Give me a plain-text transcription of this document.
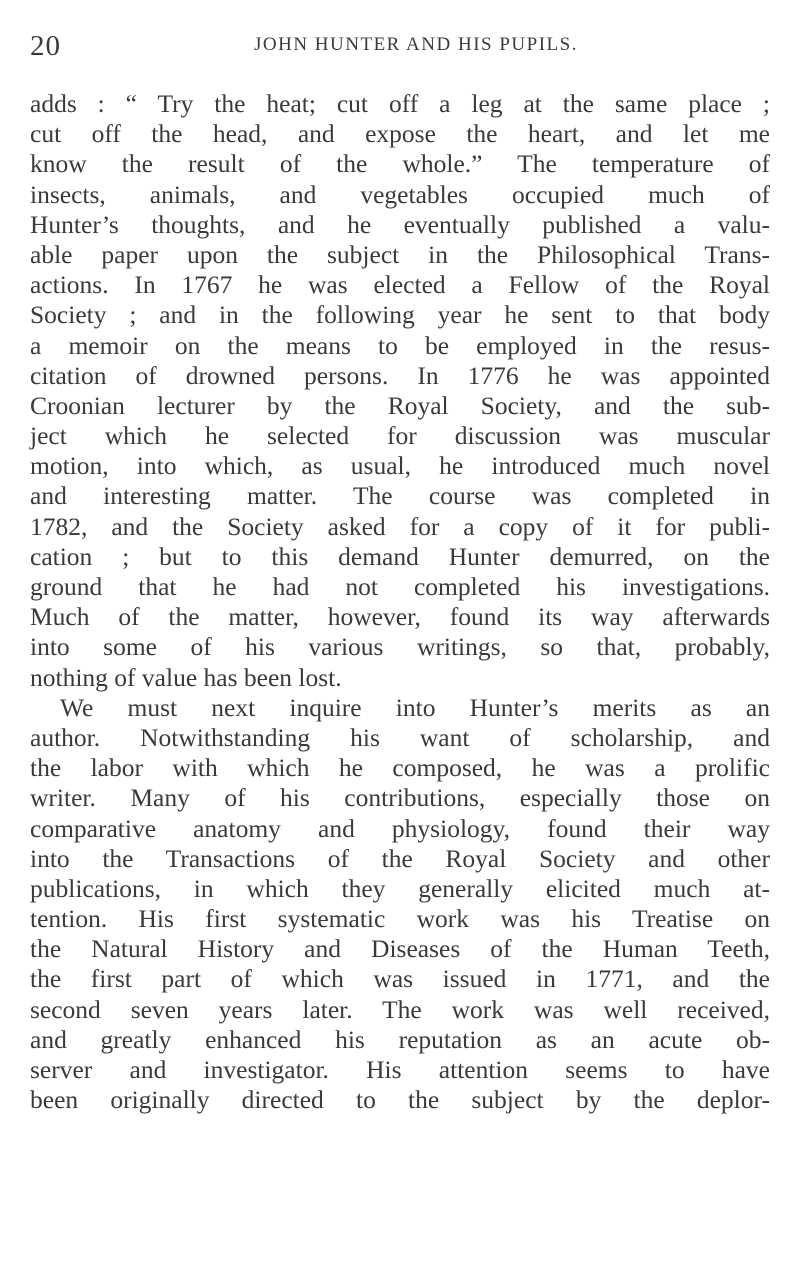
20	JOHN HUNTER AND HIS PUPILS.
adds : “ Try the heat; cut off a leg at the same place ;
cut off the head, and expose the heart, and let me
know the result of the whole.” The temperature of
insects, animals, and vegetables occupied much of
Hunter’s thoughts, and he eventually published a valu-
able paper upon the subject in the Philosophical Trans-
actions. In 1767 he was elected a Fellow of the Royal
Society ; and in the following year he sent to that body
a memoir on the means to be employed in the resus-
citation of drowned persons. In 1776 he was appointed
Croonian lecturer by the Royal Society, and the sub-
ject which he selected for discussion was muscular
motion, into which, as usual, he introduced much novel
and interesting matter. The course was completed in
1782, and the Society asked for a copy of it for publi-
cation ; but to this demand Hunter demurred, on the
ground that he had not completed his investigations.
Much of the matter, however, found its way afterwards
into some of his various writings, so that, probably,
nothing of value has been lost.
We must next inquire into Hunter’s merits as an
author. Notwithstanding his want of scholarship, and
the labor with which he composed, he was a prolific
writer. Many of his contributions, especially those on
comparative anatomy and physiology, found their way
into the Transactions of the Royal Society and other
publications, in which they generally elicited much at-
tention. His first systematic work was his Treatise on
the Natural History and Diseases of the Human Teeth,
the first part of which was issued in 1771, and the
second seven years later. The work was well received,
and greatly enhanced his reputation as an acute ob-
server and investigator. His attention seems to have
been originally directed to the subject by the deplor-
